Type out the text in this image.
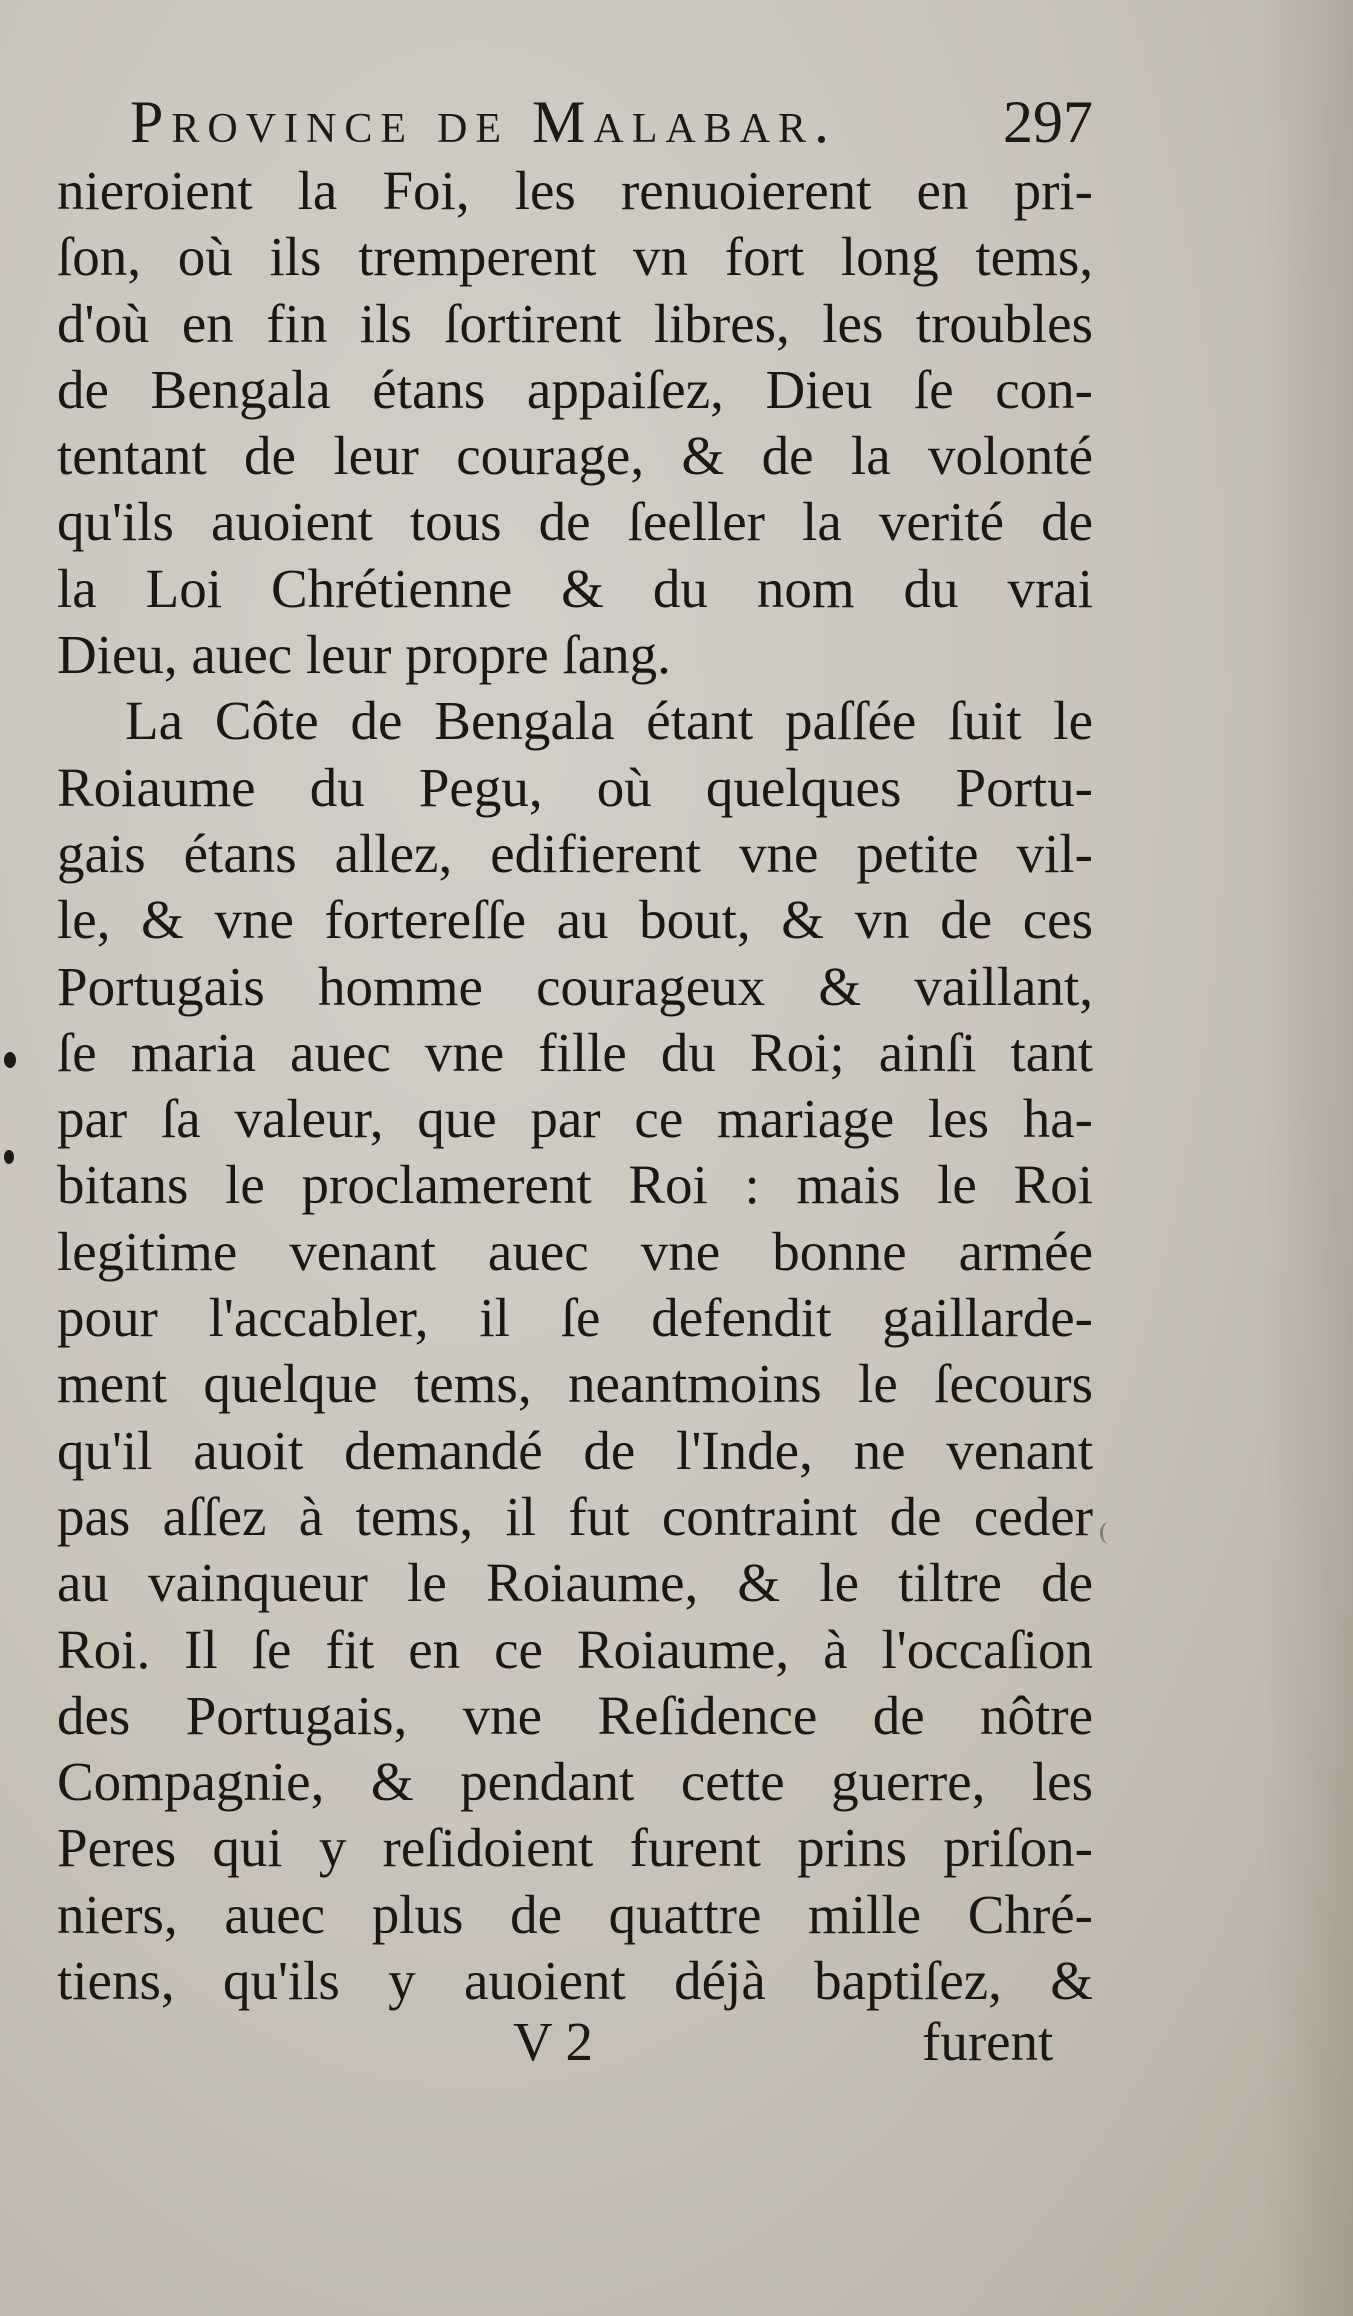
Province de Malabar.	297
nieroient la Foi, les renuoierent en pri-
ſon, où ils tremperent vn fort long tems,
d'où en fin ils ſortirent libres, les troubles
de Bengala étans appaiſez, Dieu ſe con-
tentant de leur courage, & de la volonté
qu'ils auoient tous de ſeeller la verité de
la Loi Chrétienne & du nom du vrai
Dieu, auec leur propre ſang.
La Côte de Bengala étant paſſée ſuit le
Roiaume du Pegu, où quelques Portu-
gais étans allez, edifierent vne petite vil-
le, & vne fortereſſe au bout, & vn de ces
Portugais homme courageux & vaillant,
ſe maria auec vne fille du Roi; ainſi tant
par ſa valeur, que par ce mariage les ha-
bitans le proclamerent Roi : mais le Roi
legitime venant auec vne bonne armée
pour l'accabler, il ſe defendit gaillarde-
ment quelque tems, neantmoins le ſecours
qu'il auoit demandé de l'Inde, ne venant
pas aſſez à tems, il fut contraint de ceder
au vainqueur le Roiaume, & le tiltre de
Roi. Il ſe fit en ce Roiaume, à l'occaſion
des Portugais, vne Reſidence de nôtre
Compagnie, & pendant cette guerre, les
Peres qui y reſidoient furent prins priſon-
niers, auec plus de quattre mille Chré-
tiens, qu'ils y auoient déjà baptiſez, &
V 2	furent
